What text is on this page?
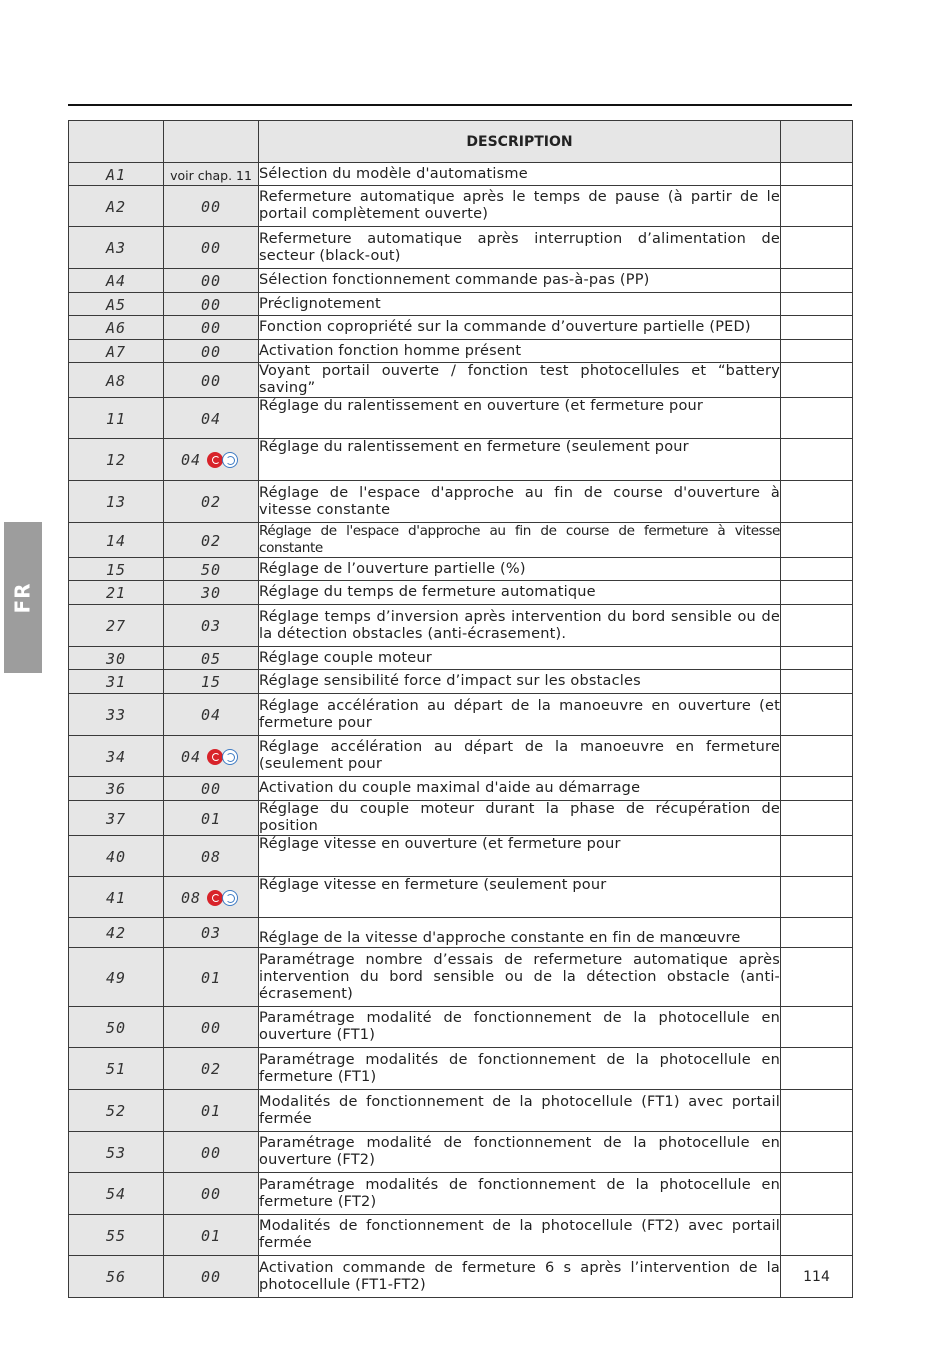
FR
		DESCRIPTION	
A1	voir chap. 11	Sélection du modèle d'automatisme	
A2	00	Refermeture automatique après le temps de pause (à partir de le portail complètement ouverte)	
A3	00	Refermeture automatique après interruption d’alimentation de secteur (black-out)	
A4	00	Sélection fonctionnement commande pas-à-pas (PP)	
A5	00	Préclignotement	
A6	00	Fonction copropriété sur la commande d’ouverture partielle (PED)	
A7	00	Activation fonction homme présent	
A8	00	Voyant portail ouverte / fonction test photocellules et “battery saving”	
11	04	Réglage du ralentissement en ouverture (et fermeture pour	
12	04	Réglage du ralentissement en fermeture (seulement pour	
13	02	Réglage de l'espace d'approche au fin de course d'ouverture à vitesse constante	
14	02	Réglage de l'espace d'approche au fin de course de fermeture à vitesse constante	
15	50	Réglage de l’ouverture partielle (%)	
21	30	Réglage du temps de fermeture automatique	
27	03	Réglage temps d’inversion après intervention du bord sensible ou de la détection obstacles (anti-écrasement).	
30	05	Réglage couple moteur	
31	15	Réglage sensibilité force d’impact sur les obstacles	
33	04	Réglage accélération au départ de la manoeuvre en ouverture (et fermeture pour	
34	04	Réglage accélération au départ de la manoeuvre en fermeture (seulement pour	
36	00	Activation du couple maximal d'aide au démarrage	
37	01	Réglage du couple moteur durant la phase de récupération de position	
40	08	Réglage vitesse en ouverture (et fermeture pour	
41	08	Réglage vitesse en fermeture (seulement pour	
42	03	Réglage de la vitesse d'approche constante en fin de manœuvre	
49	01	Paramétrage nombre d’essais de refermeture automatique après intervention du bord sensible ou de la détection obstacle (anti-écrasement)	
50	00	Paramétrage modalité de fonctionnement de la photocellule en ouverture (FT1)	
51	02	Paramétrage modalités de fonctionnement de la photocellule en fermeture (FT1)	
52	01	Modalités de fonctionnement de la photocellule (FT1) avec portail fermée	
53	00	Paramétrage modalité de fonctionnement de la photocellule en ouverture (FT2)	
54	00	Paramétrage modalités de fonctionnement de la photocellule en fermeture (FT2)	
55	01	Modalités de fonctionnement de la photocellule (FT2) avec portail fermée	
56	00	Activation commande de fermeture 6 s après l’intervention de la photocellule (FT1-FT2)	114
